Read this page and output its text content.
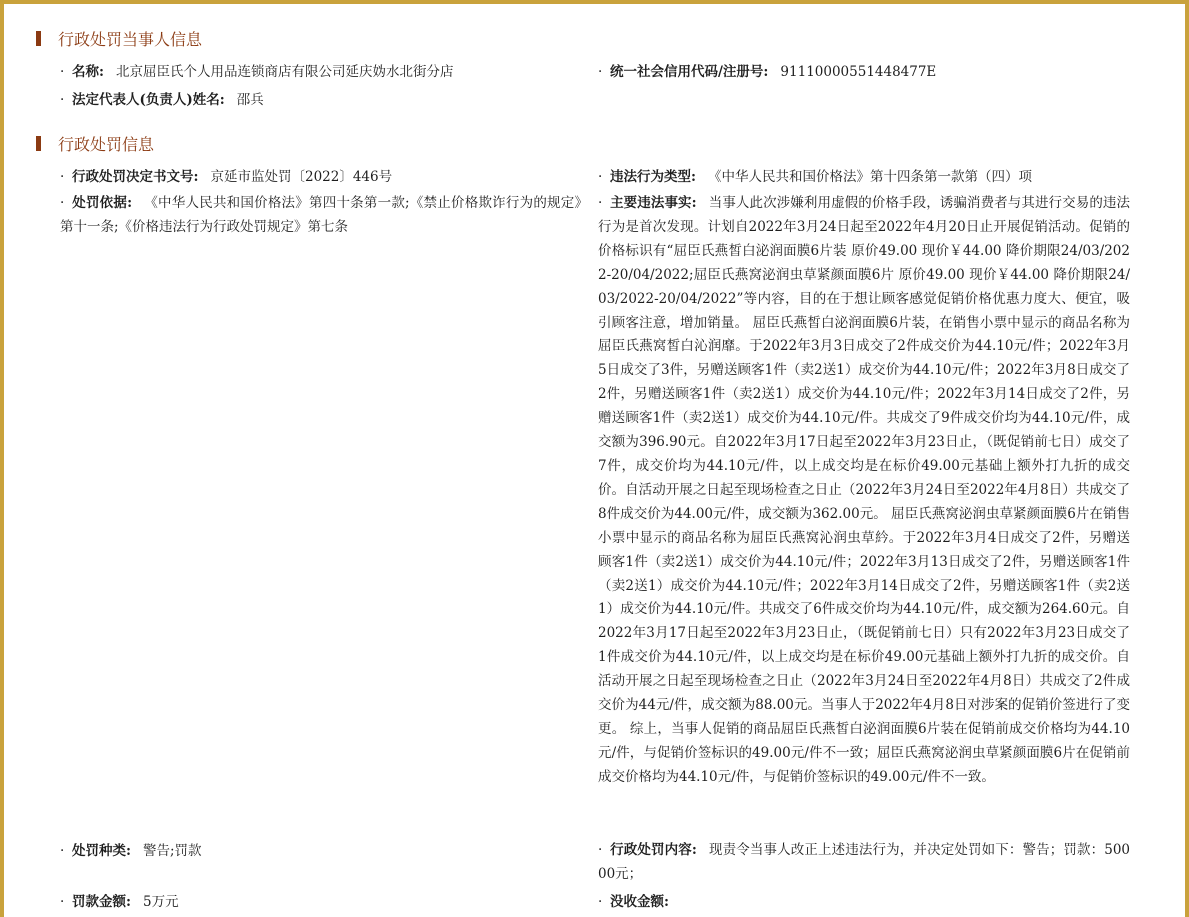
行政处罚当事人信息
· 名称: 北京屈臣氏个人用品连锁商店有限公司延庆妫水北街分店	· 统一社会信用代码/注册号: 91110000551448477E
· 法定代表人(负责人)姓名: 邵兵
行政处罚信息
· 行政处罚决定书文号: 京延市监处罚〔2022〕446号	· 违法行为类型: 《中华人民共和国价格法》第十四条第一款第（四）项
· 处罚依据: 《中华人民共和国价格法》第四十条第一款;《禁止价格欺诈行为的规定》第十一条;《价格违法行为行政处罚规定》第七条
· 主要违法事实: 当事人此次涉嫌利用虚假的价格手段，诱骗消费者与其进行交易的违法行为是首次发现。计划自2022年3月24日起至2022年4月20日止开展促销活动。促销的价格标识有“屈臣氏燕皙白泌润面膜6片装 原价49.00 现价￥44.00 降价期限24/03/2022-20/04/2022;屈臣氏燕窝泌润虫草紧颜面膜6片 原价49.00 现价￥44.00 降价期限24/03/2022-20/04/2022”等内容，目的在于想让顾客感觉促销价格优惠力度大、便宜，吸引顾客注意，增加销量。 屈臣氏燕皙白泌润面膜6片装，在销售小票中显示的商品名称为屈臣氏燕窝皙白沁润靡。于2022年3月3日成交了2件成交价为44.10元/件；2022年3月5日成交了3件，另赠送顾客1件（卖2送1）成交价为44.10元/件；2022年3月8日成交了2件，另赠送顾客1件（卖2送1）成交价为44.10元/件；2022年3月14日成交了2件，另赠送顾客1件（卖2送1）成交价为44.10元/件。共成交了9件成交价均为44.10元/件，成交额为396.90元。自2022年3月17日起至2022年3月23日止，（既促销前七日）成交了7件，成交价均为44.10元/件，以上成交均是在标价49.00元基础上额外打九折的成交价。自活动开展之日起至现场检查之日止（2022年3月24日至2022年4月8日）共成交了8件成交价为44.00元/件，成交额为362.00元。 屈臣氏燕窝泌润虫草紧颜面膜6片在销售小票中显示的商品名称为屈臣氏燕窝沁润虫草紟。于2022年3月4日成交了2件，另赠送顾客1件（卖2送1）成交价为44.10元/件；2022年3月13日成交了2件，另赠送顾客1件（卖2送1）成交价为44.10元/件；2022年3月14日成交了2件，另赠送顾客1件（卖2送1）成交价为44.10元/件。共成交了6件成交价均为44.10元/件，成交额为264.60元。自2022年3月17日起至2022年3月23日止，（既促销前七日）只有2022年3月23日成交了1件成交价为44.10元/件，以上成交均是在标价49.00元基础上额外打九折的成交价。自活动开展之日起至现场检查之日止（2022年3月24日至2022年4月8日）共成交了2件成交价为44元/件，成交额为88.00元。当事人于2022年4月8日对涉案的促销价签进行了变更。 综上，当事人促销的商品屈臣氏燕皙白泌润面膜6片装在促销前成交价格均为44.10元/件，与促销价签标识的49.00元/件不一致；屈臣氏燕窝泌润虫草紧颜面膜6片在促销前成交价格均为44.10元/件，与促销价签标识的49.00元/件不一致。
· 处罚种类: 警告;罚款	· 行政处罚内容: 现责令当事人改正上述违法行为，并决定处罚如下：警告；罚款：50000元；
· 罚款金额: 5万元	· 没收金额:
